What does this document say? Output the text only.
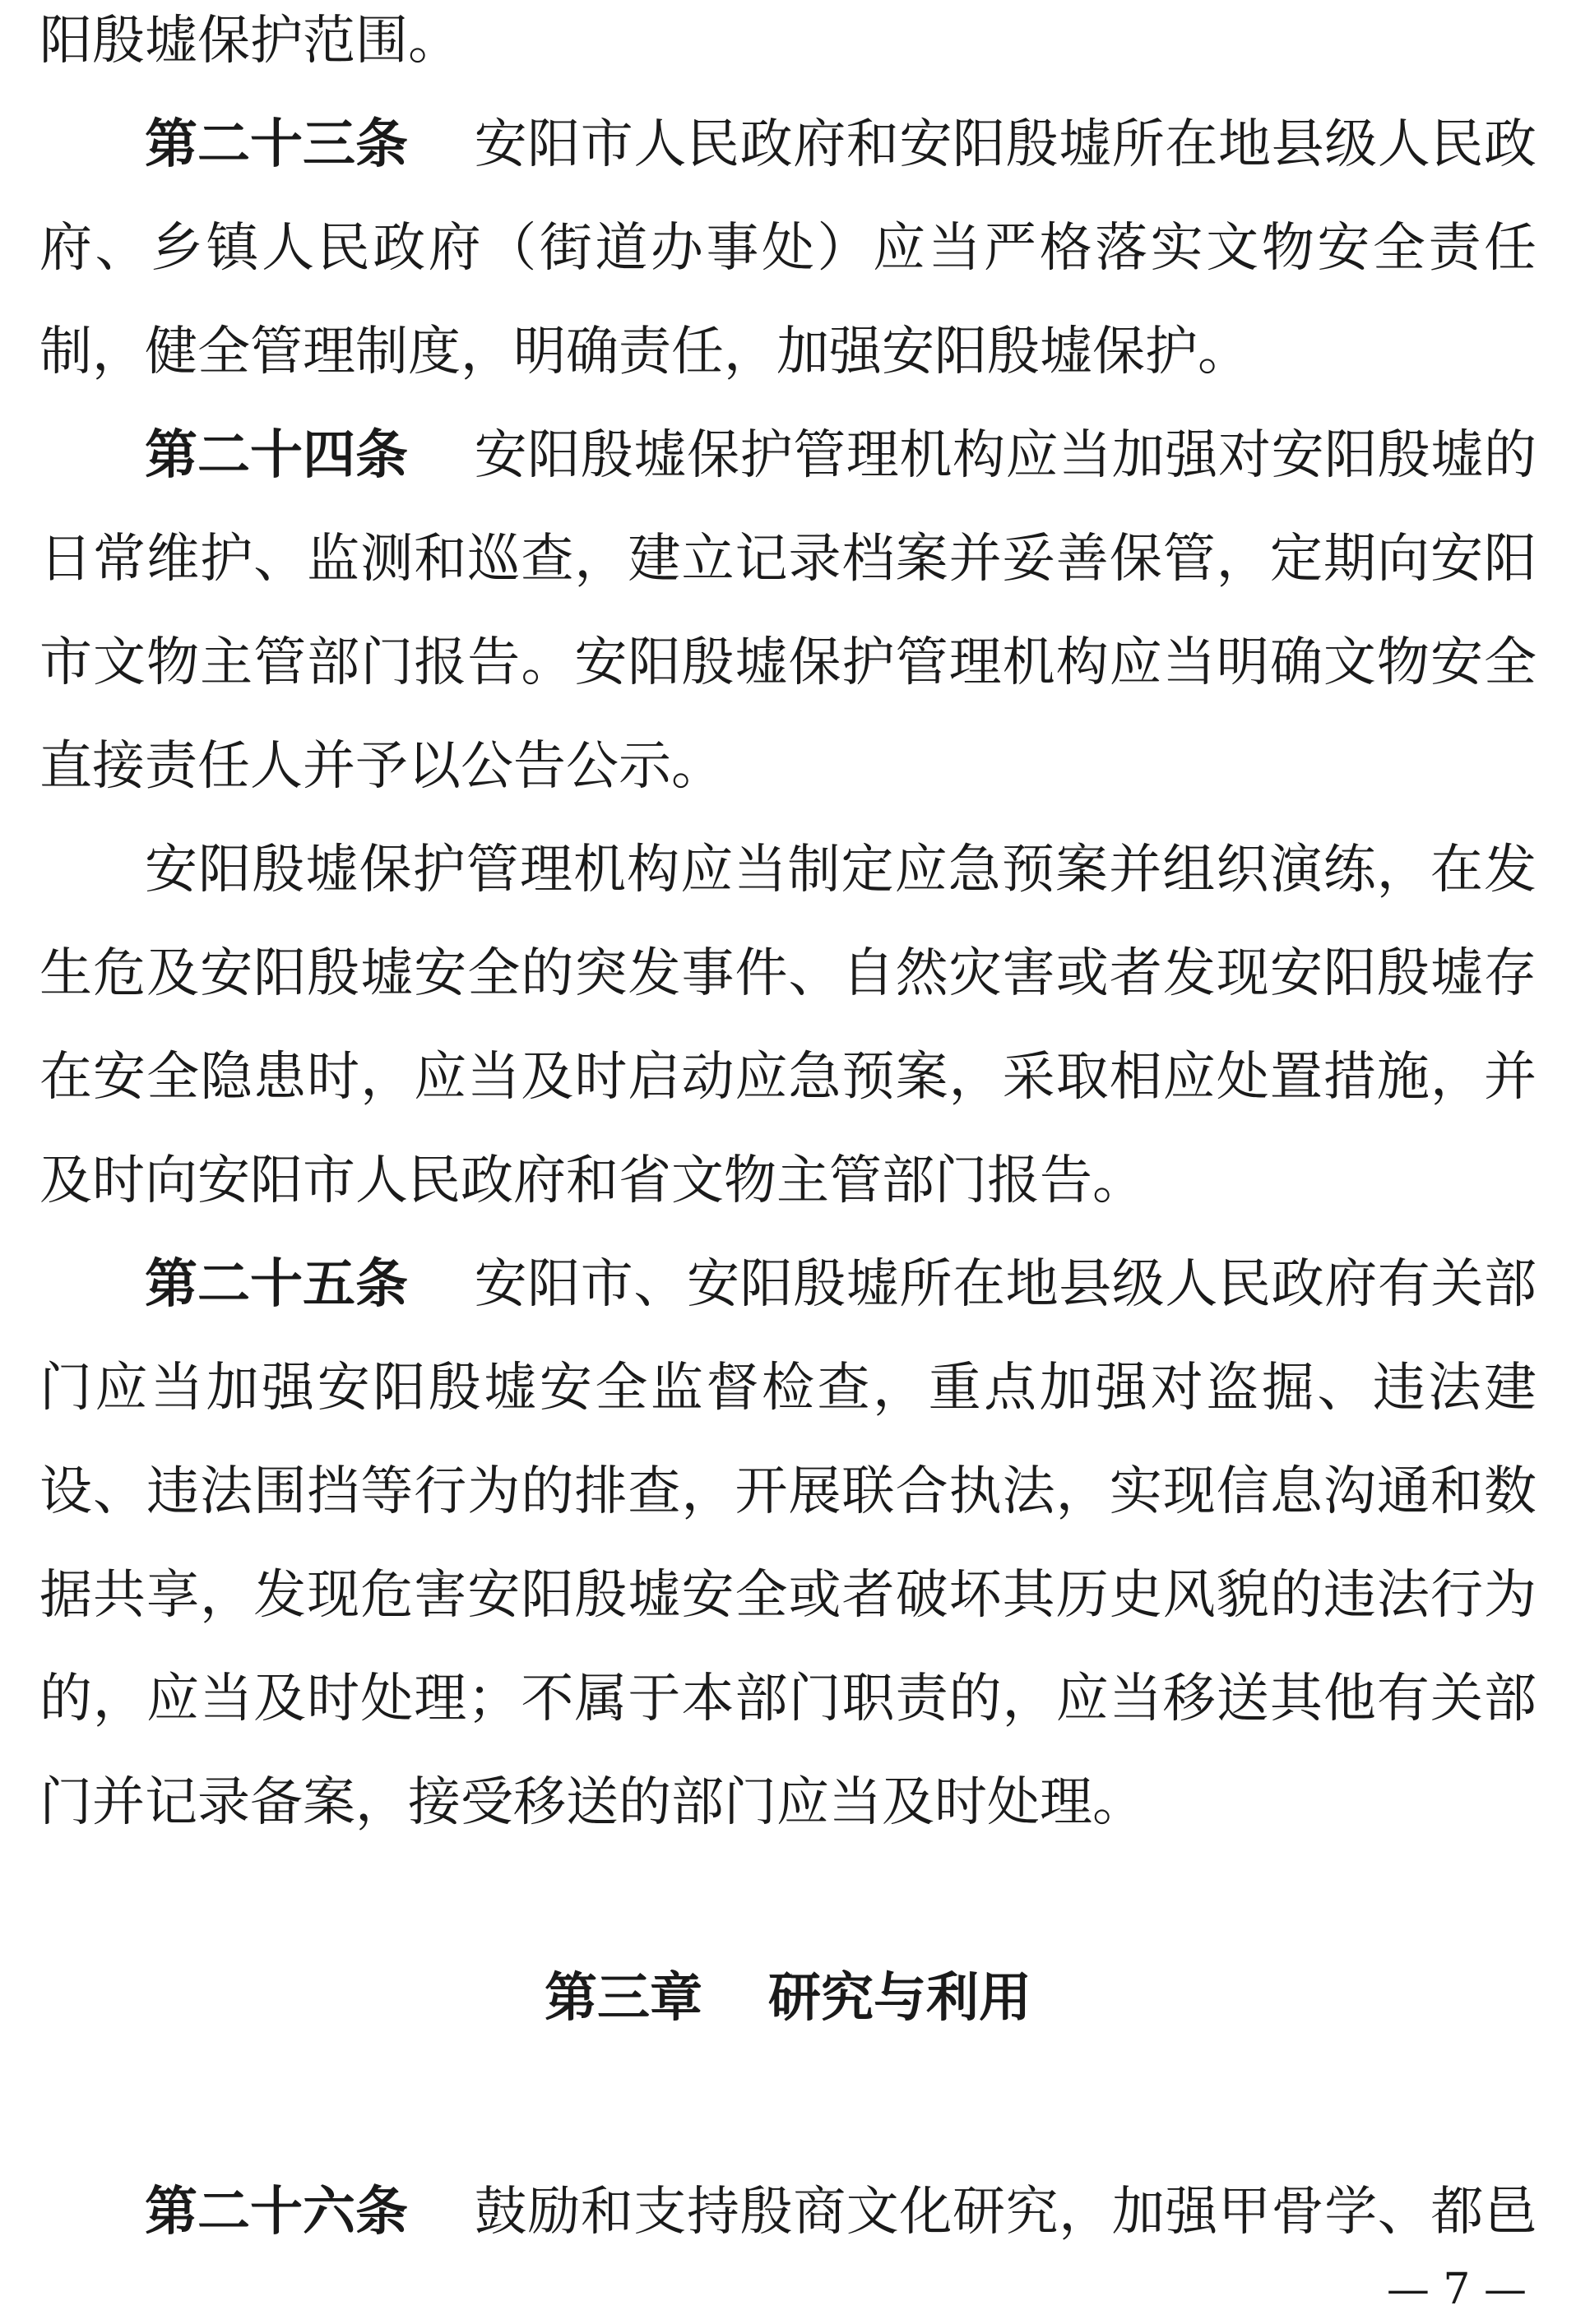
阳殷墟保护范围。
第二十三条 安阳市人民政府和安阳殷墟所在地县级人民政
府、乡镇人民政府（街道办事处）应当严格落实文物安全责任
制，健全管理制度，明确责任，加强安阳殷墟保护。
第二十四条 安阳殷墟保护管理机构应当加强对安阳殷墟的
日常维护、监测和巡查，建立记录档案并妥善保管，定期向安阳
市文物主管部门报告。安阳殷墟保护管理机构应当明确文物安全
直接责任人并予以公告公示。
安阳殷墟保护管理机构应当制定应急预案并组织演练，在发
生危及安阳殷墟安全的突发事件、自然灾害或者发现安阳殷墟存
在安全隐患时，应当及时启动应急预案，采取相应处置措施，并
及时向安阳市人民政府和省文物主管部门报告。
第二十五条 安阳市、安阳殷墟所在地县级人民政府有关部
门应当加强安阳殷墟安全监督检查，重点加强对盗掘、违法建
设、违法围挡等行为的排查，开展联合执法，实现信息沟通和数
据共享，发现危害安阳殷墟安全或者破坏其历史风貌的违法行为
的，应当及时处理；不属于本部门职责的，应当移送其他有关部
门并记录备案，接受移送的部门应当及时处理。
第三章 研究与利用
第二十六条 鼓励和支持殷商文化研究，加强甲骨学、都邑
— 7 —
